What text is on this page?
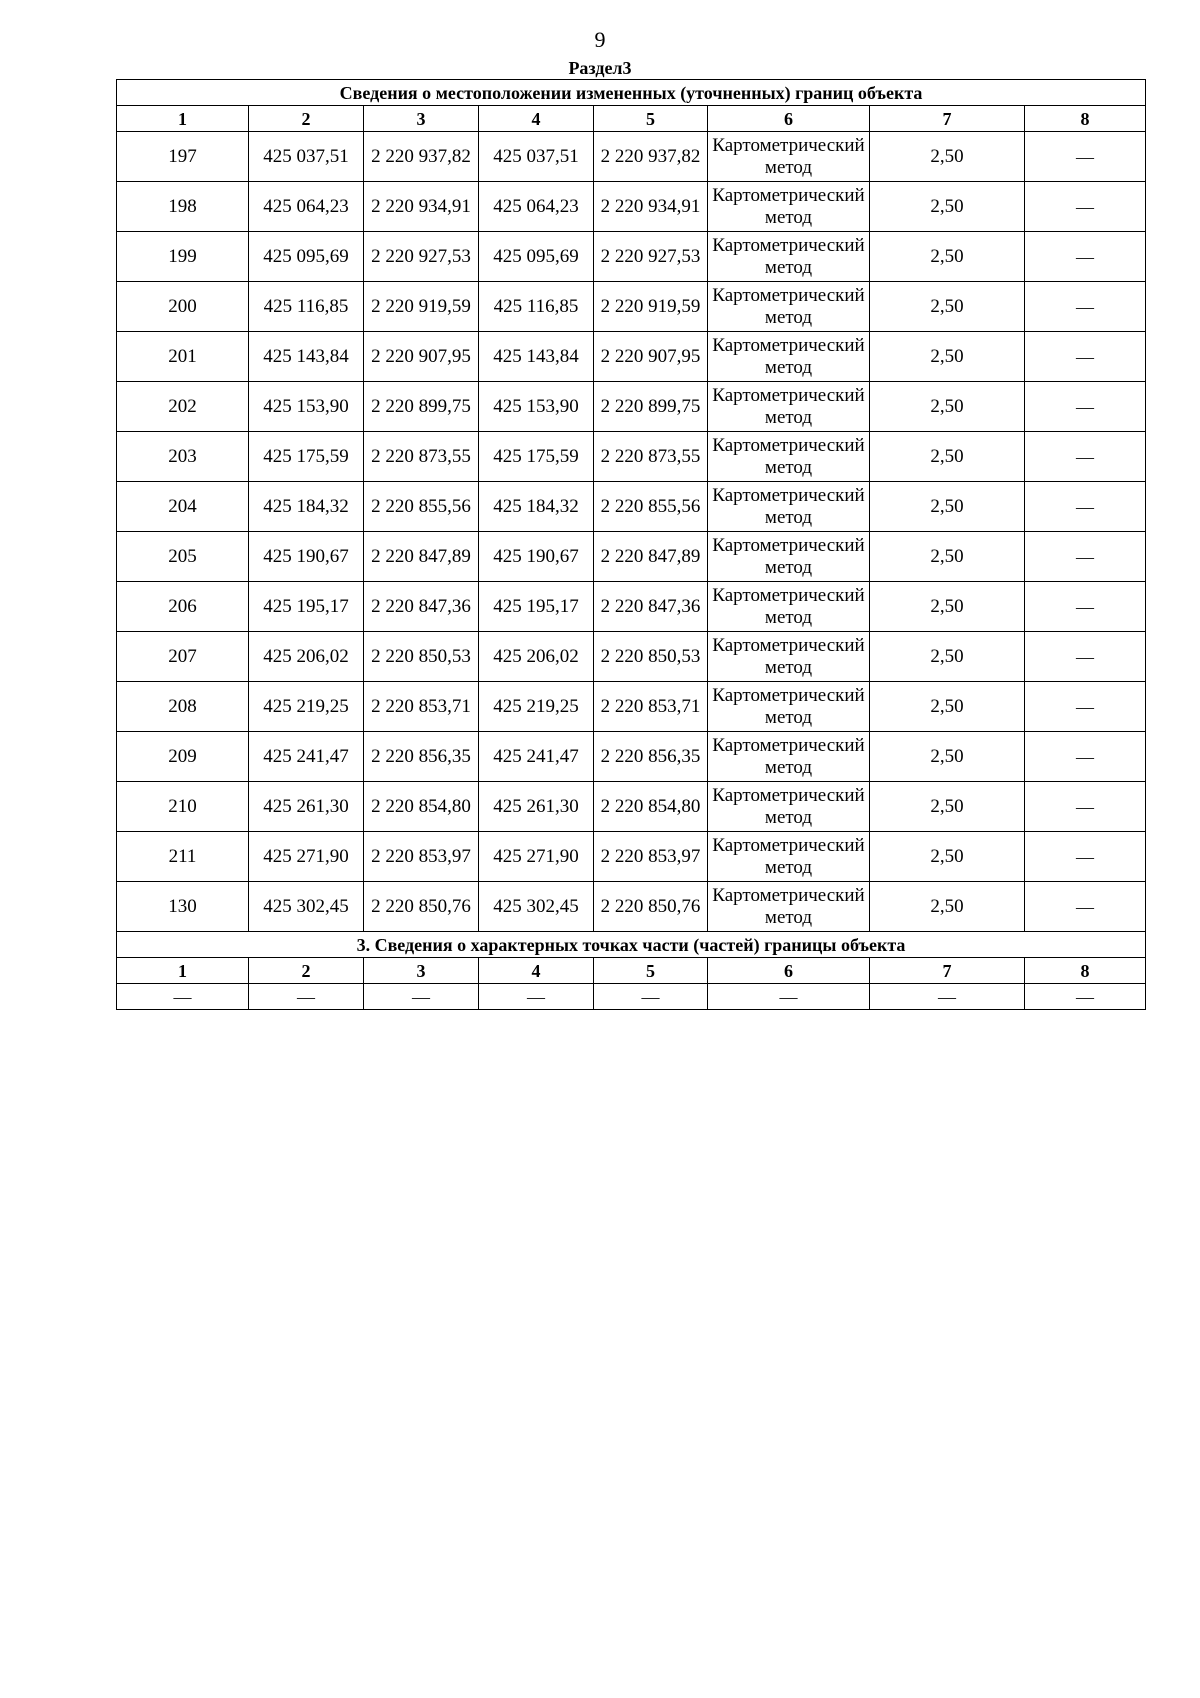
9
Раздел3
Сведения о местоположении измененных (уточненных) границ объекта							
1	2	3	4	5	6	7	8
197	425 037,51	2 220 937,82	425 037,51	2 220 937,82	Картометрический метод	2,50	—
198	425 064,23	2 220 934,91	425 064,23	2 220 934,91	Картометрический метод	2,50	—
199	425 095,69	2 220 927,53	425 095,69	2 220 927,53	Картометрический метод	2,50	—
200	425 116,85	2 220 919,59	425 116,85	2 220 919,59	Картометрический метод	2,50	—
201	425 143,84	2 220 907,95	425 143,84	2 220 907,95	Картометрический метод	2,50	—
202	425 153,90	2 220 899,75	425 153,90	2 220 899,75	Картометрический метод	2,50	—
203	425 175,59	2 220 873,55	425 175,59	2 220 873,55	Картометрический метод	2,50	—
204	425 184,32	2 220 855,56	425 184,32	2 220 855,56	Картометрический метод	2,50	—
205	425 190,67	2 220 847,89	425 190,67	2 220 847,89	Картометрический метод	2,50	—
206	425 195,17	2 220 847,36	425 195,17	2 220 847,36	Картометрический метод	2,50	—
207	425 206,02	2 220 850,53	425 206,02	2 220 850,53	Картометрический метод	2,50	—
208	425 219,25	2 220 853,71	425 219,25	2 220 853,71	Картометрический метод	2,50	—
209	425 241,47	2 220 856,35	425 241,47	2 220 856,35	Картометрический метод	2,50	—
210	425 261,30	2 220 854,80	425 261,30	2 220 854,80	Картометрический метод	2,50	—
211	425 271,90	2 220 853,97	425 271,90	2 220 853,97	Картометрический метод	2,50	—
130	425 302,45	2 220 850,76	425 302,45	2 220 850,76	Картометрический метод	2,50	—
3. Сведения о характерных точках части (частей) границы объекта							
1	2	3	4	5	6	7	8
—	—	—	—	—	—	—	—
